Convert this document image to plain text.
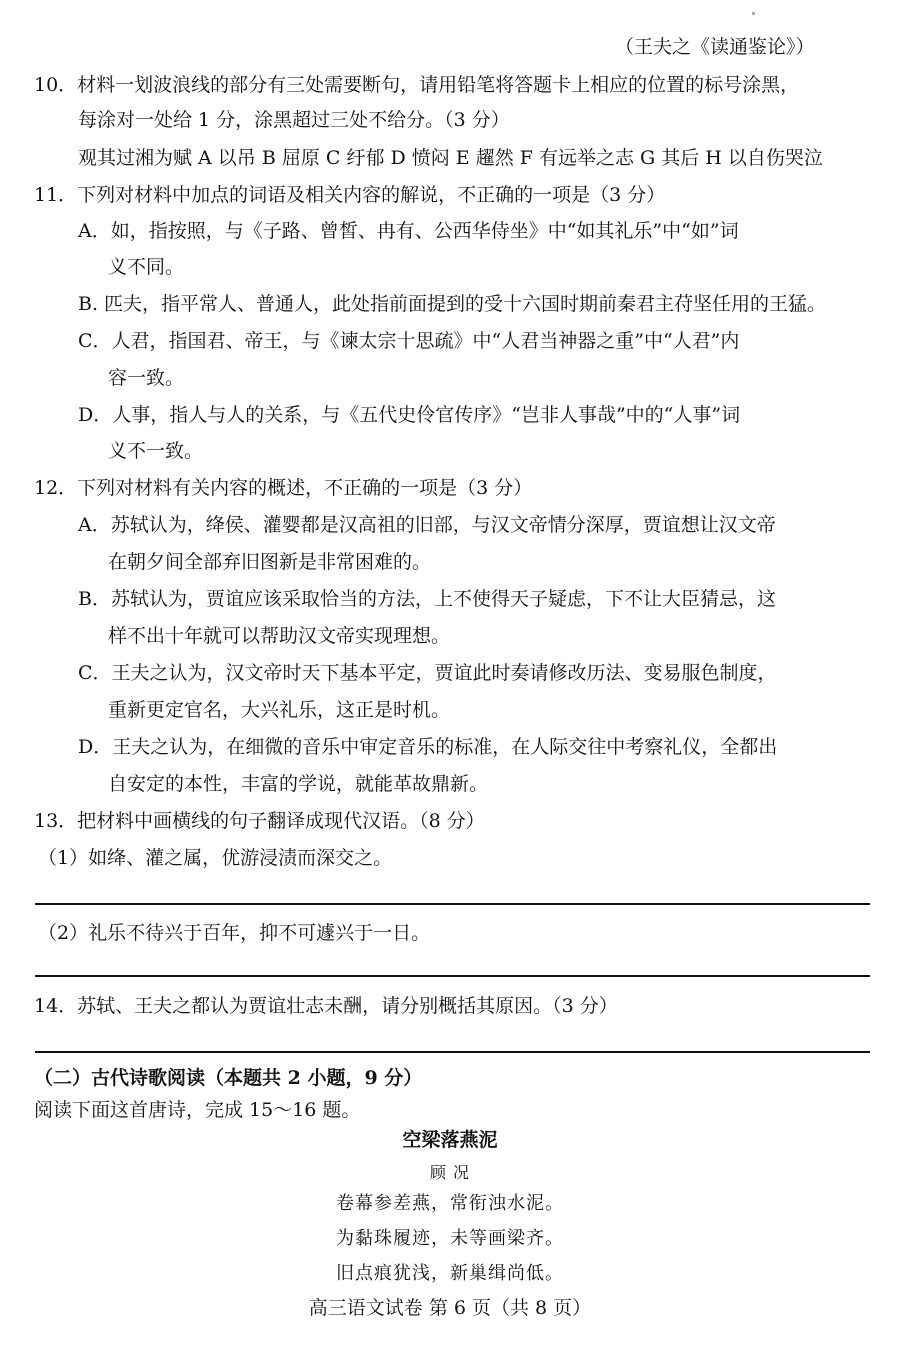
（王夫之《读通鉴论》）
10．材料一划波浪线的部分有三处需要断句，请用铅笔将答题卡上相应的位置的标号涂黑，
每涂对一处给 1 分，涂黑超过三处不给分。（3 分）
观其过湘为赋 A 以吊 B 屈原 C 纡郁 D 愤闷 E 趯然 F 有远举之志 G 其后 H 以自伤哭泣
11．下列对材料中加点的词语及相关内容的解说，不正确的一项是（3 分）
A．如，指按照，与《子路、曾皙、冉有、公西华侍坐》中“如其礼乐”中“如”词
义不同。
B. 匹夫，指平常人、普通人，此处指前面提到的受十六国时期前秦君主苻坚任用的王猛。
C．人君，指国君、帝王，与《谏太宗十思疏》中“人君当神器之重”中“人君”内
容一致。
D．人事，指人与人的关系，与《五代史伶官传序》“岂非人事哉”中的“人事”词
义不一致。
12．下列对材料有关内容的概述，不正确的一项是（3 分）
A．苏轼认为，绛侯、灌婴都是汉高祖的旧部，与汉文帝情分深厚，贾谊想让汉文帝
在朝夕间全部弃旧图新是非常困难的。
B．苏轼认为，贾谊应该采取恰当的方法，上不使得天子疑虑，下不让大臣猜忌，这
样不出十年就可以帮助汉文帝实现理想。
C．王夫之认为，汉文帝时天下基本平定，贾谊此时奏请修改历法、变易服色制度，
重新更定官名，大兴礼乐，这正是时机。
D．王夫之认为，在细微的音乐中审定音乐的标准，在人际交往中考察礼仪，全都出
自安定的本性，丰富的学说，就能革故鼎新。
13．把材料中画横线的句子翻译成现代汉语。（8 分）
（1）如绛、灌之属，优游浸渍而深交之。
（2）礼乐不待兴于百年，抑不可遽兴于一日。
14．苏轼、王夫之都认为贾谊壮志未酬，请分别概括其原因。（3 分）
（二）古代诗歌阅读（本题共 2 小题，9 分）
阅读下面这首唐诗，完成 15～16 题。
空梁落燕泥
顾 况
卷幕参差燕，常衔浊水泥。
为黏珠履迹，未等画梁齐。
旧点痕犹浅，新巢缉尚低。
高三语文试卷 第 6 页（共 8 页）
